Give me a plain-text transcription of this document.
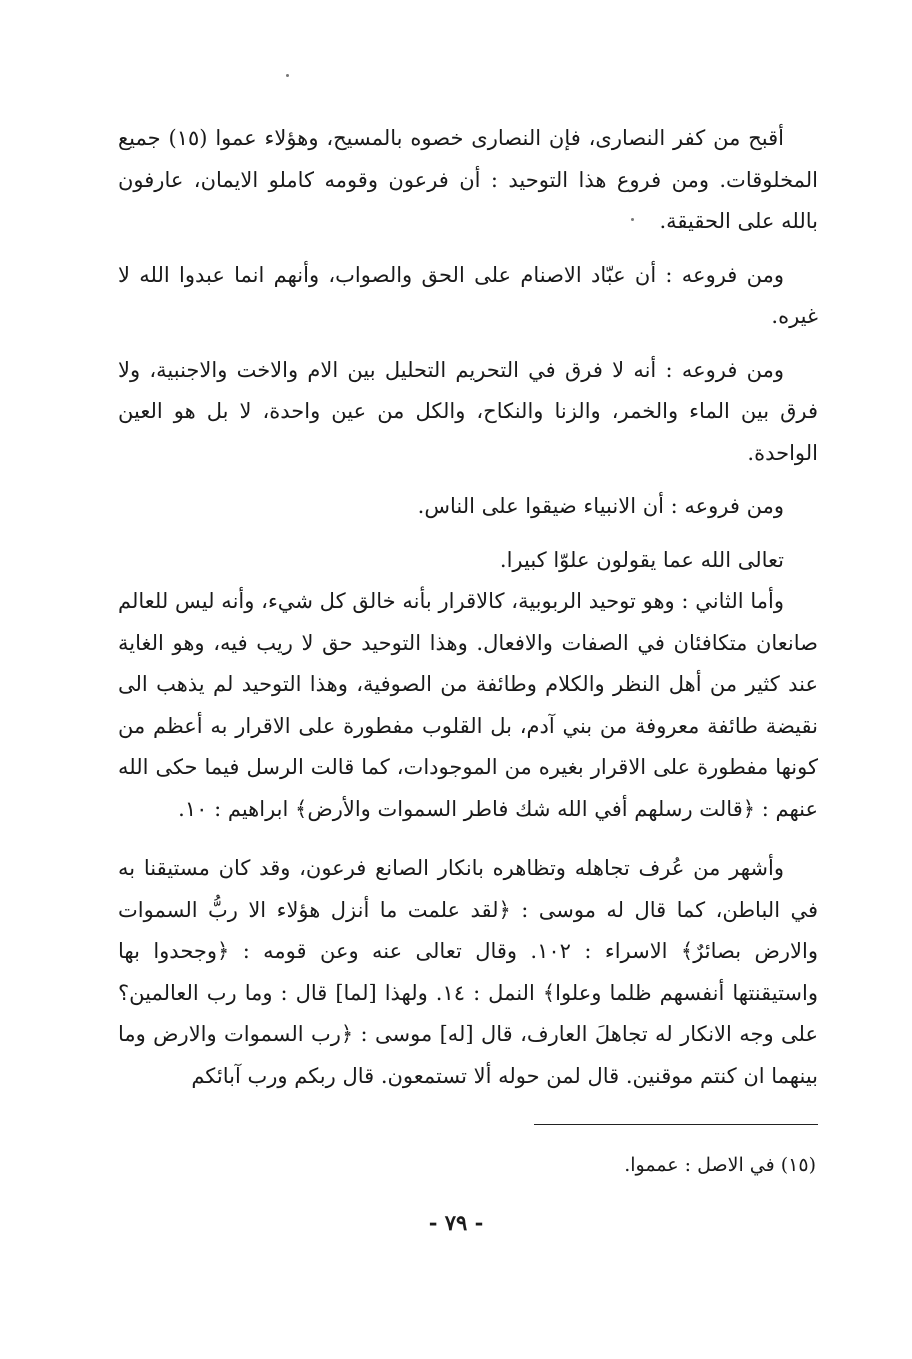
أقبح من كفر النصارى، فإن النصارى خصوه بالمسيح، وهؤلاء عموا (١٥) جميع المخلوقات. ومن فروع هذا التوحيد : أن فرعون وقومه كاملو الايمان، عارفون بالله على الحقيقة.

ومن فروعه : أن عبّاد الاصنام على الحق والصواب، وأنهم انما عبدوا الله لا غيره.

ومن فروعه : أنه لا فرق في التحريم التحليل بين الام والاخت والاجنبية، ولا فرق بين الماء والخمر، والزنا والنكاح، والكل من عين واحدة، لا بل هو العين الواحدة.

ومن فروعه : أن الانبياء ضيقوا على الناس.

تعالى الله عما يقولون علوّا كبيرا.

وأما الثاني : وهو توحيد الربوبية، كالاقرار بأنه خالق كل شيء، وأنه ليس للعالم صانعان متكافئان في الصفات والافعال. وهذا التوحيد حق لا ريب فيه، وهو الغاية عند كثير من أهل النظر والكلام وطائفة من الصوفية، وهذا التوحيد لم يذهب الى نقيضة طائفة معروفة من بني آدم، بل القلوب مفطورة على الاقرار به أعظم من كونها مفطورة على الاقرار بغيره من الموجودات، كما قالت الرسل فيما حكى الله عنهم : ﴿قالت رسلهم أفي الله شك فاطر السموات والأرض﴾ ابراهيم : ١٠.

وأشهر من عُرف تجاهله وتظاهره بانكار الصانع فرعون، وقد كان مستيقنا به في الباطن، كما قال له موسى : ﴿لقد علمت ما أنزل هؤلاء الا ربُّ السموات والارض بصائرٌ﴾ الاسراء : ١٠٢. وقال تعالى عنه وعن قومه : ﴿وجحدوا بها واستيقنتها أنفسهم ظلما وعلوا﴾ النمل : ١٤. ولهذا [لما] قال : وما رب العالمين؟ على وجه الانكار له تجاهلَ العارف، قال [له] موسى : ﴿رب السموات والارض وما بينهما ان كنتم موقنين. قال لمن حوله ألا تستمعون. قال ربكم ورب آبائكم

(١٥) في الاصل : عمموا.
- ٧٩ -
